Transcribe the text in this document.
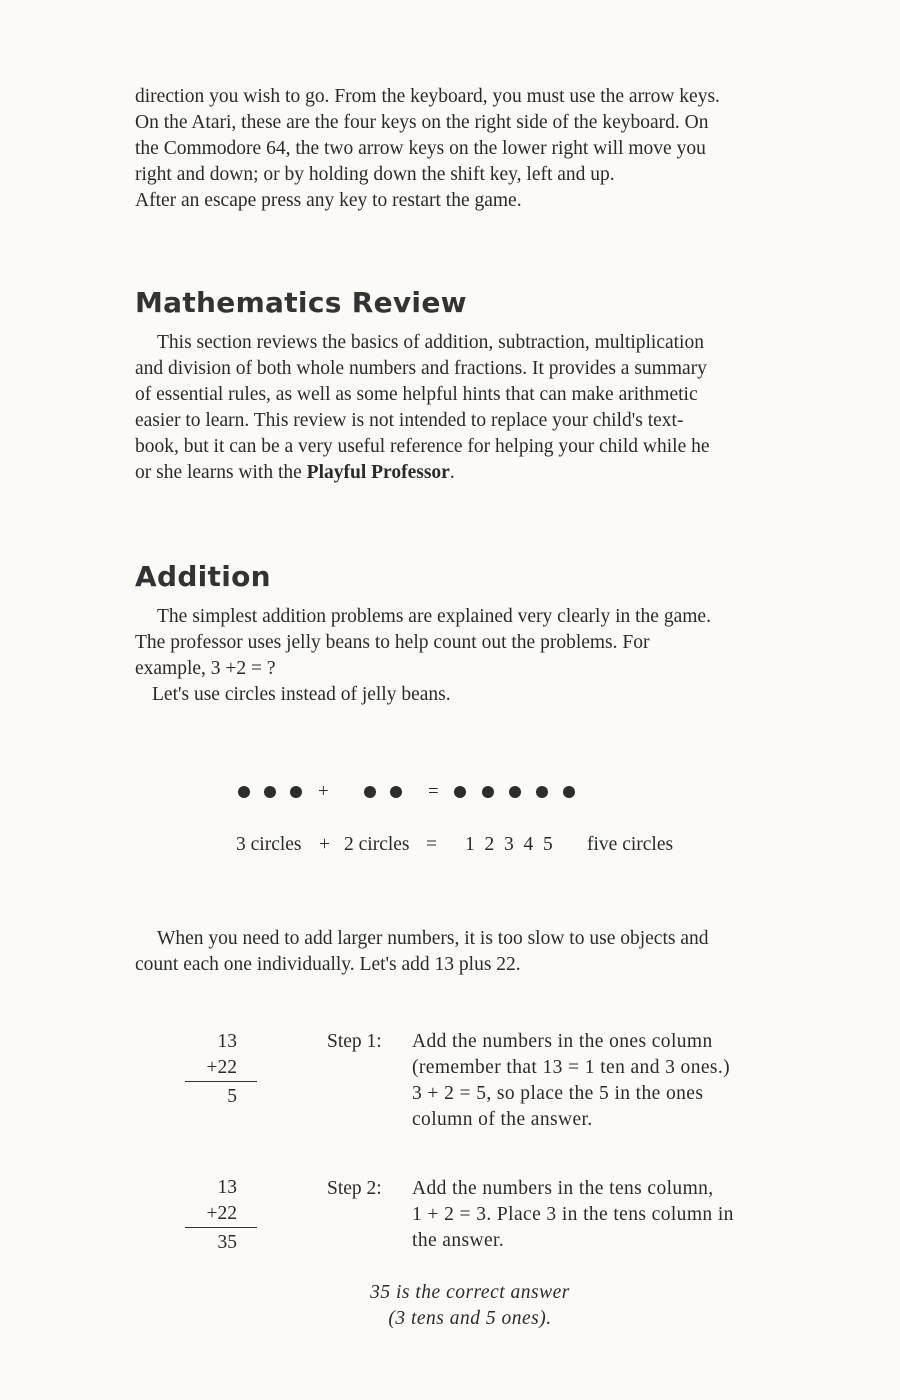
direction you wish to go. From the keyboard, you must use the arrow keys.
On the Atari, these are the four keys on the right side of the keyboard. On
the Commodore 64, the two arrow keys on the lower right will move you
right and down; or by holding down the shift key, left and up.
After an escape press any key to restart the game.
Mathematics Review
This section reviews the basics of addition, subtraction, multiplication
and division of both whole numbers and fractions. It provides a summary
of essential rules, as well as some helpful hints that can make arithmetic
easier to learn. This review is not intended to replace your child's text-
book, but it can be a very useful reference for helping your child while he
or she learns with the Playful Professor.
Addition
The simplest addition problems are explained very clearly in the game.
The professor uses jelly beans to help count out the problems. For
example, 3 +2 = ?
Let's use circles instead of jelly beans.
+	=
3 circles + 2 circles = 1  2  3  4  5 five circles
When you need to add larger numbers, it is too slow to use objects and
count each one individually. Let's add 13 plus 22.
13
+22
5
Step 1: Add the numbers in the ones column
(remember that 13 = 1 ten and 3 ones.)
3 + 2 = 5, so place the 5 in the ones
column of the answer.
13
+22
35
Step 2: Add the numbers in the tens column,
1 + 2 = 3. Place 3 in the tens column in
the answer.
35 is the correct answer
(3 tens and 5 ones).
